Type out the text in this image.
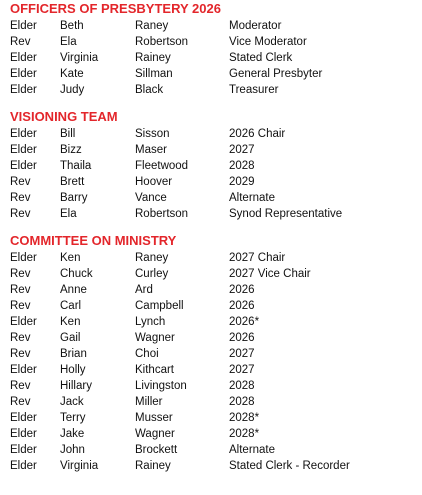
OFFICERS OF PRESBYTERY 2026
Elder Beth	Raney	Moderator
Rev	Ela	Robertson	Vice Moderator
Elder Virginia	Rainey	Stated Clerk
Elder Kate	Sillman	General Presbyter
Elder Judy	Black	Treasurer
VISIONING TEAM
Elder Bill	Sisson	2026 Chair
Elder Bizz	Maser	2027
Elder Thaila	Fleetwood	2028
Rev	Brett	Hoover	2029
Rev	Barry	Vance	Alternate
Rev	Ela	Robertson	Synod Representative
COMMITTEE ON MINISTRY
Elder Ken	Raney	2027 Chair
Rev	Chuck	Curley	2027 Vice Chair
Rev	Anne	Ard	2026
Rev	Carl	Campbell	2026
Elder Ken	Lynch	2026*
Rev	Gail	Wagner	2026
Rev	Brian	Choi	2027
Elder Holly	Kithcart	2027
Rev	Hillary	Livingston	2028
Rev	Jack	Miller	2028
Elder Terry	Musser	2028*
Elder Jake	Wagner	2028*
Elder John	Brockett	Alternate
Elder Virginia	Rainey	Stated Clerk - Recorder
